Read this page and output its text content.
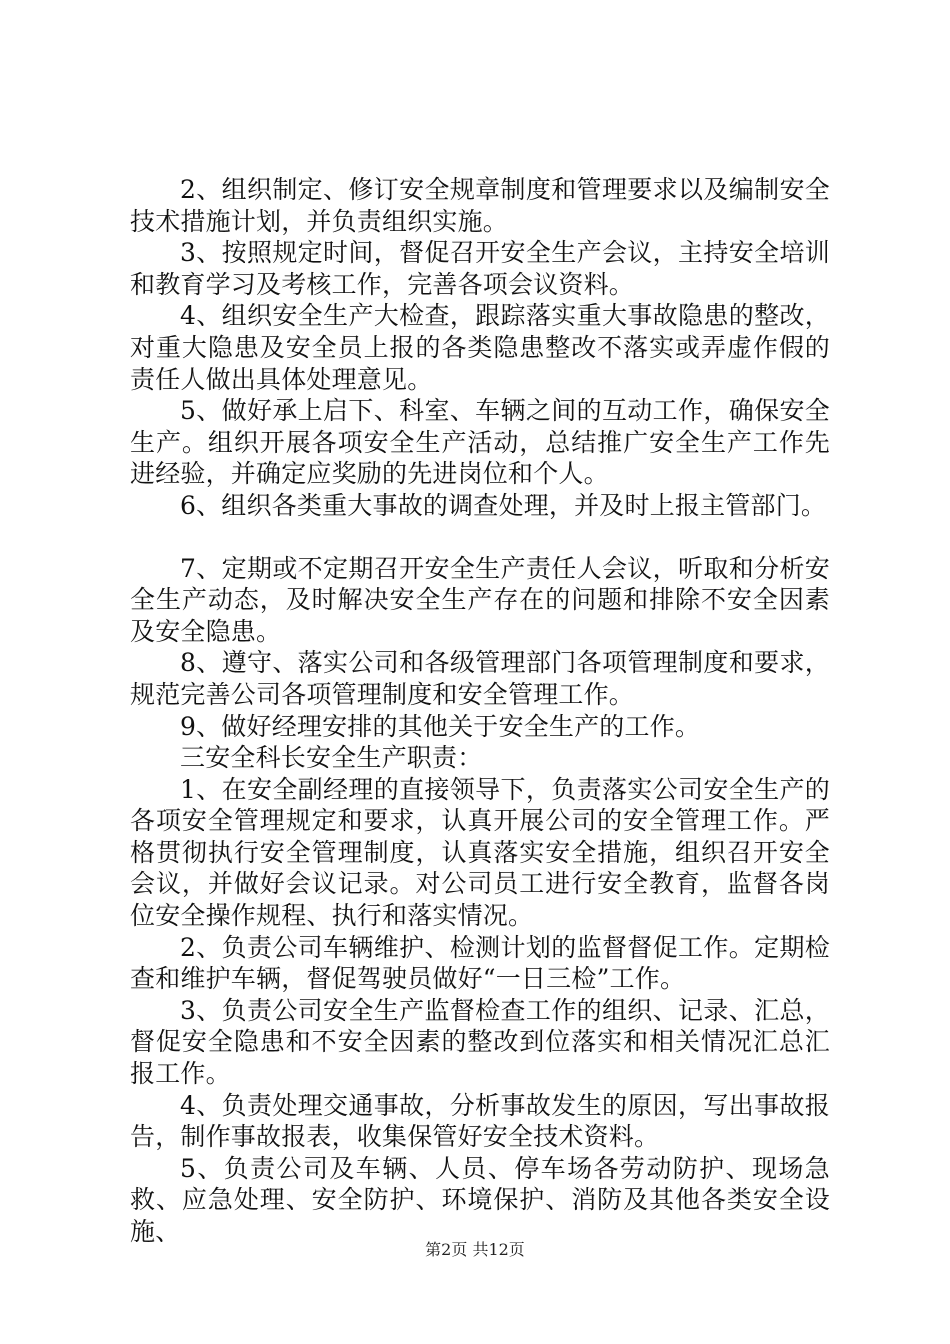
2、组织制定、修订安全规章制度和管理要求以及编制安全技术措施计划，并负责组织实施。

3、按照规定时间，督促召开安全生产会议，主持安全培训和教育学习及考核工作，完善各项会议资料。

4、组织安全生产大检查，跟踪落实重大事故隐患的整改，对重大隐患及安全员上报的各类隐患整改不落实或弄虚作假的责任人做出具体处理意见。

5、做好承上启下、科室、车辆之间的互动工作，确保安全生产。组织开展各项安全生产活动，总结推广安全生产工作先进经验，并确定应奖励的先进岗位和个人。

6、组织各类重大事故的调查处理，并及时上报主管部门。

7、定期或不定期召开安全生产责任人会议，听取和分析安全生产动态，及时解决安全生产存在的问题和排除不安全因素及安全隐患。

8、遵守、落实公司和各级管理部门各项管理制度和要求，规范完善公司各项管理制度和安全管理工作。

9、做好经理安排的其他关于安全生产的工作。

三安全科长安全生产职责：

1、在安全副经理的直接领导下，负责落实公司安全生产的各项安全管理规定和要求，认真开展公司的安全管理工作。严格贯彻执行安全管理制度，认真落实安全措施，组织召开安全会议，并做好会议记录。对公司员工进行安全教育，监督各岗位安全操作规程、执行和落实情况。

2、负责公司车辆维护、检测计划的监督督促工作。定期检查和维护车辆，督促驾驶员做好“一日三检”工作。

3、负责公司安全生产监督检查工作的组织、记录、汇总，督促安全隐患和不安全因素的整改到位落实和相关情况汇总汇报工作。

4、负责处理交通事故，分析事故发生的原因，写出事故报告，制作事故报表，收集保管好安全技术资料。

5、负责公司及车辆、人员、停车场各劳动防护、现场急救、应急处理、安全防护、环境保护、消防及其他各类安全设施、

第2页 共12页
